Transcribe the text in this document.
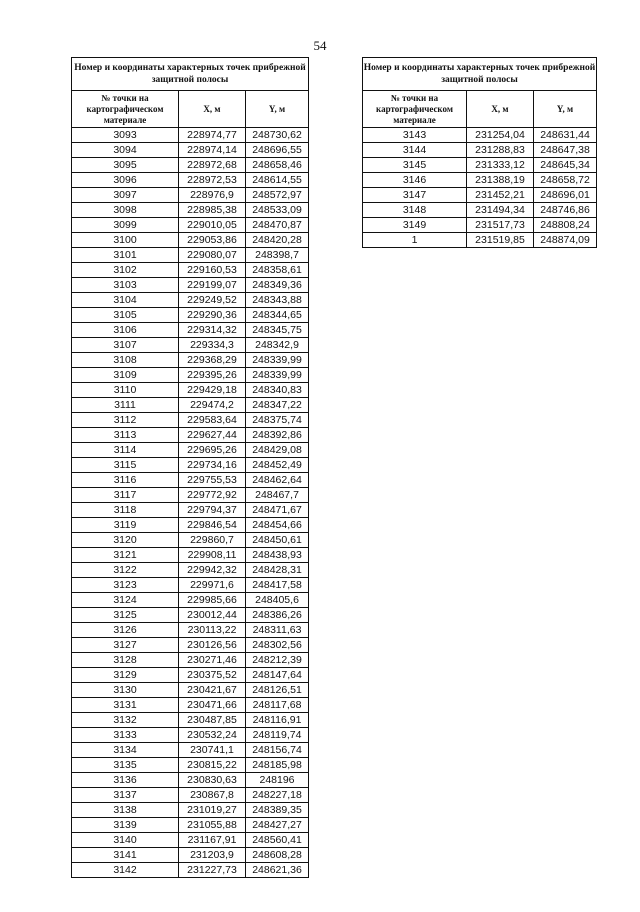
54
Номер и координаты характерных точек прибрежной защитной полосы		
№ точки на картографическом материале	X, м	Y, м
3093	228974,77	248730,62
3094	228974,14	248696,55
3095	228972,68	248658,46
3096	228972,53	248614,55
3097	228976,9	248572,97
3098	228985,38	248533,09
3099	229010,05	248470,87
3100	229053,86	248420,28
3101	229080,07	248398,7
3102	229160,53	248358,61
3103	229199,07	248349,36
3104	229249,52	248343,88
3105	229290,36	248344,65
3106	229314,32	248345,75
3107	229334,3	248342,9
3108	229368,29	248339,99
3109	229395,26	248339,99
3110	229429,18	248340,83
3111	229474,2	248347,22
3112	229583,64	248375,74
3113	229627,44	248392,86
3114	229695,26	248429,08
3115	229734,16	248452,49
3116	229755,53	248462,64
3117	229772,92	248467,7
3118	229794,37	248471,67
3119	229846,54	248454,66
3120	229860,7	248450,61
3121	229908,11	248438,93
3122	229942,32	248428,31
3123	229971,6	248417,58
3124	229985,66	248405,6
3125	230012,44	248386,26
3126	230113,22	248311,63
3127	230126,56	248302,56
3128	230271,46	248212,39
3129	230375,52	248147,64
3130	230421,67	248126,51
3131	230471,66	248117,68
3132	230487,85	248116,91
3133	230532,24	248119,74
3134	230741,1	248156,74
3135	230815,22	248185,98
3136	230830,63	248196
3137	230867,8	248227,18
3138	231019,27	248389,35
3139	231055,88	248427,27
3140	231167,91	248560,41
3141	231203,9	248608,28
3142	231227,73	248621,36
Номер и координаты характерных точек прибрежной защитной полосы		
№ точки на картографическом материале	X, м	Y, м
3143	231254,04	248631,44
3144	231288,83	248647,38
3145	231333,12	248645,34
3146	231388,19	248658,72
3147	231452,21	248696,01
3148	231494,34	248746,86
3149	231517,73	248808,24
1	231519,85	248874,09
